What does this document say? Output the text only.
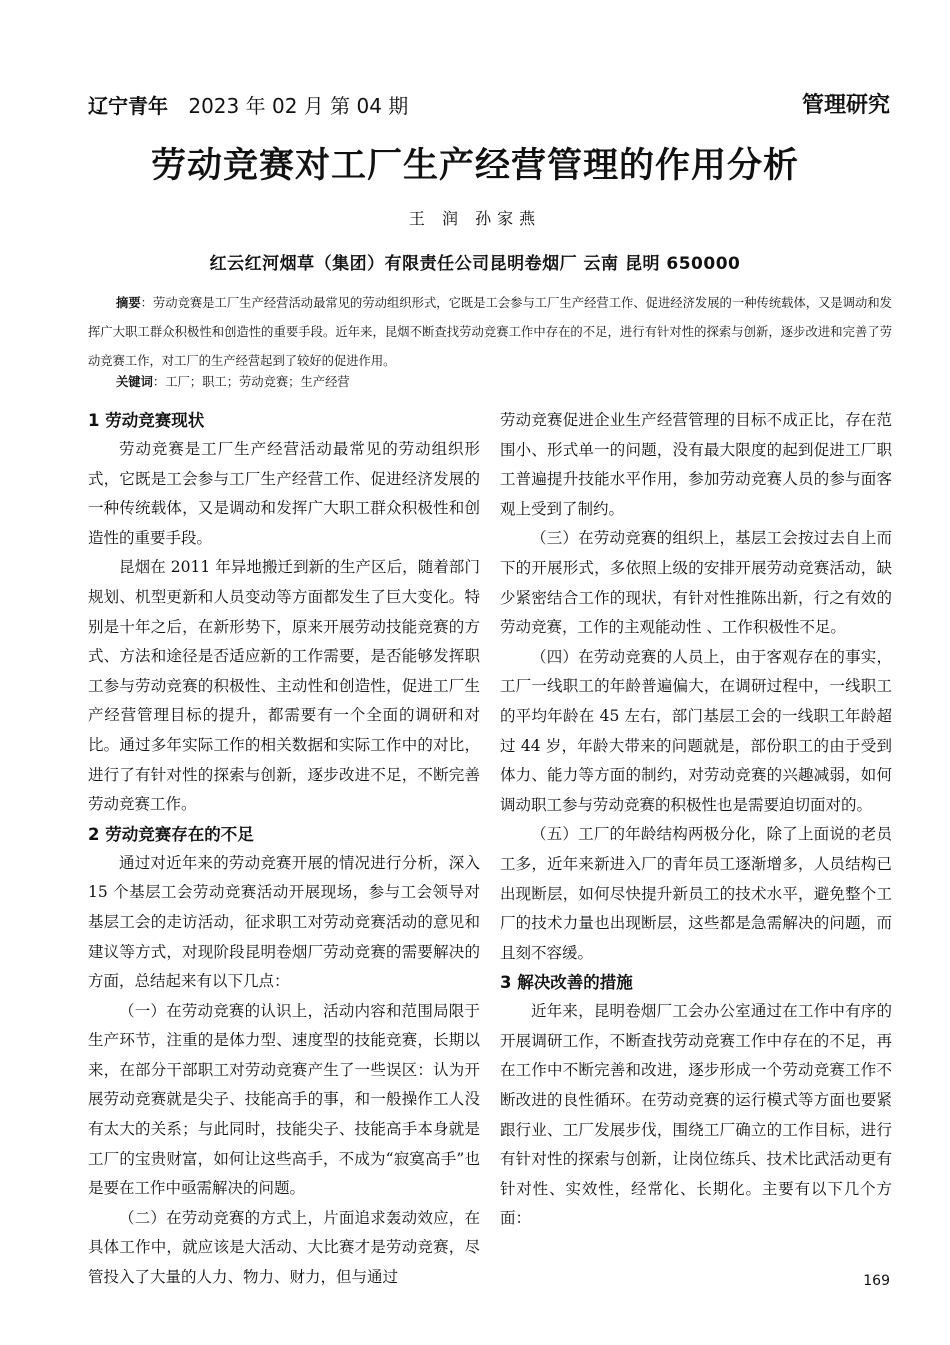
辽宁青年 2023 年 02 月 第 04 期	管理研究
劳动竞赛对工厂生产经营管理的作用分析
王 润 孙家燕
红云红河烟草（集团）有限责任公司昆明卷烟厂 云南 昆明 650000
摘要：劳动竞赛是工厂生产经营活动最常见的劳动组织形式，它既是工会参与工厂生产经营工作、促进经济发展的一种传统载体，又是调动和发挥广大职工群众积极性和创造性的重要手段。近年来，昆烟不断查找劳动竞赛工作中存在的不足，进行有针对性的探索与创新，逐步改进和完善了劳动竞赛工作，对工厂的生产经营起到了较好的促进作用。
关键词：工厂；职工；劳动竞赛；生产经营
1 劳动竞赛现状

劳动竞赛是工厂生产经营活动最常见的劳动组织形式，它既是工会参与工厂生产经营工作、促进经济发展的一种传统载体，又是调动和发挥广大职工群众积极性和创造性的重要手段。

昆烟在 2011 年异地搬迁到新的生产区后，随着部门规划、机型更新和人员变动等方面都发生了巨大变化。特别是十年之后，在新形势下，原来开展劳动技能竞赛的方式、方法和途径是否适应新的工作需要，是否能够发挥职工参与劳动竞赛的积极性、主动性和创造性，促进工厂生产经营管理目标的提升，都需要有一个全面的调研和对比。通过多年实际工作的相关数据和实际工作中的对比，进行了有针对性的探索与创新，逐步改进不足，不断完善劳动竞赛工作。

2 劳动竞赛存在的不足

通过对近年来的劳动竞赛开展的情况进行分析，深入 15 个基层工会劳动竞赛活动开展现场，参与工会领导对基层工会的走访活动，征求职工对劳动竞赛活动的意见和建议等方式，对现阶段昆明卷烟厂劳动竞赛的需要解决的方面，总结起来有以下几点：

（一）在劳动竞赛的认识上，活动内容和范围局限于生产环节，注重的是体力型、速度型的技能竞赛，长期以来，在部分干部职工对劳动竞赛产生了一些误区：认为开展劳动竞赛就是尖子、技能高手的事，和一般操作工人没有太大的关系；与此同时，技能尖子、技能高手本身就是工厂的宝贵财富，如何让这些高手，不成为“寂寞高手”也是要在工作中亟需解决的问题。

（二）在劳动竞赛的方式上，片面追求轰动效应，在具体工作中，就应该是大活动、大比赛才是劳动竞赛，尽管投入了大量的人力、物力、财力，但与通过

劳动竞赛促进企业生产经营管理的目标不成正比，存在范围小、形式单一的问题，没有最大限度的起到促进工厂职工普遍提升技能水平作用，参加劳动竞赛人员的参与面客观上受到了制约。

（三）在劳动竞赛的组织上，基层工会按过去自上而下的开展形式，多依照上级的安排开展劳动竞赛活动，缺少紧密结合工作的现状，有针对性推陈出新，行之有效的劳动竞赛，工作的主观能动性 、工作积极性不足。

（四）在劳动竞赛的人员上，由于客观存在的事实，工厂一线职工的年龄普遍偏大，在调研过程中，一线职工的平均年龄在 45 左右，部门基层工会的一线职工年龄超过 44 岁，年龄大带来的问题就是，部份职工的由于受到体力、能力等方面的制约，对劳动竞赛的兴趣减弱，如何调动职工参与劳动竞赛的积极性也是需要迫切面对的。

（五）工厂的年龄结构两极分化，除了上面说的老员工多，近年来新进入厂的青年员工逐渐增多，人员结构已出现断层，如何尽快提升新员工的技术水平，避免整个工厂的技术力量也出现断层，这些都是急需解决的问题，而且刻不容缓。

3 解决改善的措施

近年来，昆明卷烟厂工会办公室通过在工作中有序的开展调研工作，不断查找劳动竞赛工作中存在的不足，再在工作中不断完善和改进，逐步形成一个劳动竞赛工作不断改进的良性循环。在劳动竞赛的运行模式等方面也要紧跟行业、工厂发展步伐，围绕工厂确立的工作目标，进行有针对性的探索与创新，让岗位练兵、技术比武活动更有针对性、实效性，经常化、长期化。主要有以下几个方面：

169
